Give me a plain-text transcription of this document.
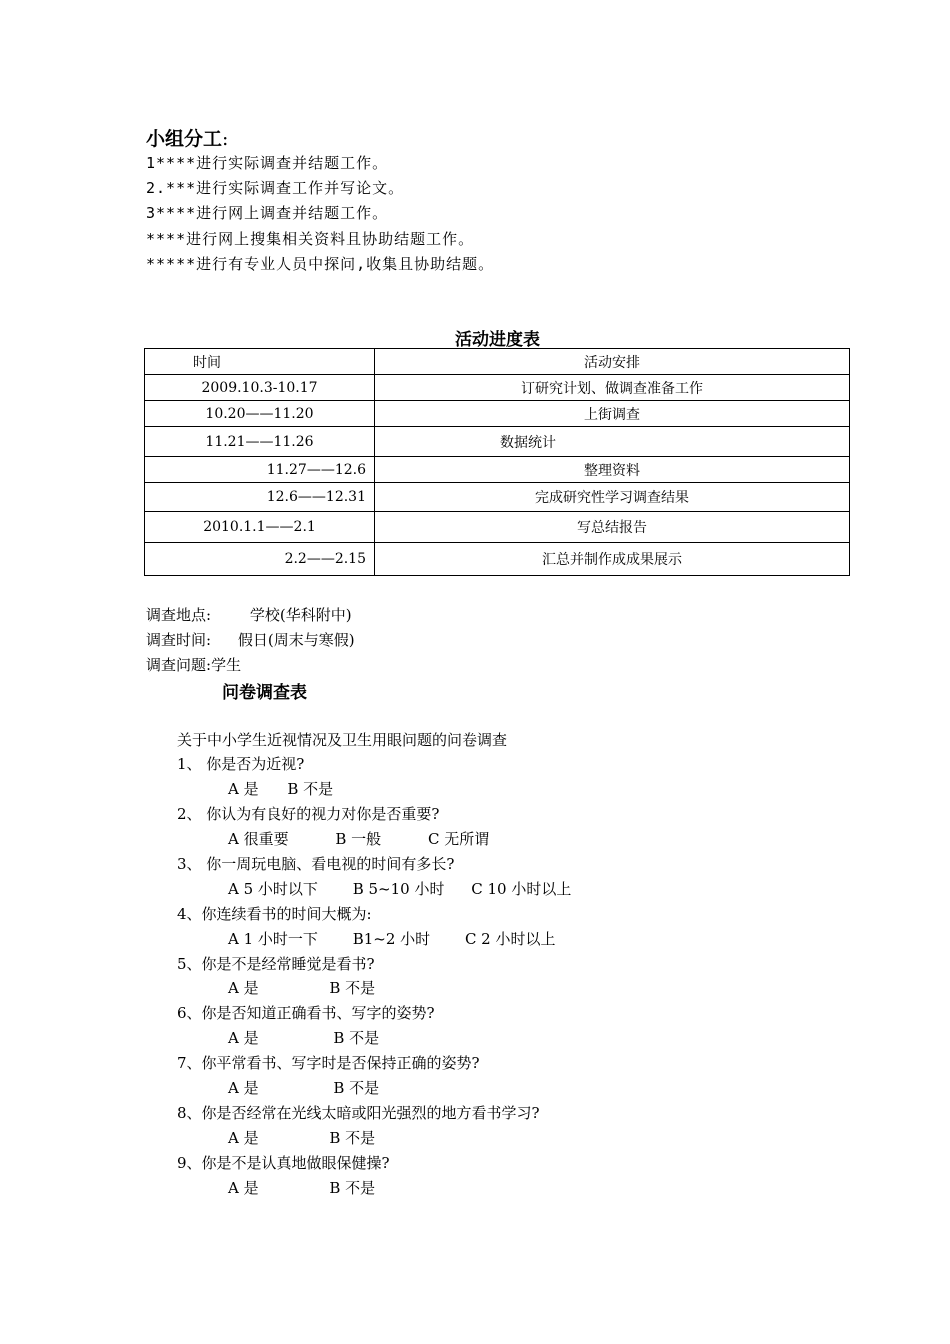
小组分工:
1****进行实际调查并结题工作。
2.***进行实际调查工作并写论文。
3****进行网上调查并结题工作。
****进行网上搜集相关资料且协助结题工作。
*****进行有专业人员中探问,收集且协助结题。
活动进度表
时间	活动安排
2009.10.3-10.17	订研究计划、做调查准备工作
10.20——11.20	上街调查
11.21——11.26	数据统计
11.27——12.6	整理资料
12.6——12.31	完成研究性学习调查结果
2010.1.1——2.1	写总结报告
2.2——2.15	汇总并制作成成果展示
调查地点:	学校(华科附中)
调查时间: 假日(周末与寒假)
调查问题:学生
问卷调查表
关于中小学生近视情况及卫生用眼问题的问卷调查
1、 你是否为近视?
A 是 B 不是
2、 你认为有良好的视力对你是否重要?
A 很重要	B 一般	C 无所谓
3、 你一周玩电脑、看电视的时间有多长?
A 5 小时以下 B 5~10 小时 C 10 小时以上
4、你连续看书的时间大概为:
A 1 小时一下 B1~2 小时 C 2 小时以上
5、你是不是经常睡觉是看书?
A 是	B 不是
6、你是否知道正确看书、写字的姿势?
A 是	B 不是
7、你平常看书、写字时是否保持正确的姿势?
A 是	B 不是
8、你是否经常在光线太暗或阳光强烈的地方看书学习?
A 是	B 不是
9、你是不是认真地做眼保健操?
A 是	B 不是
